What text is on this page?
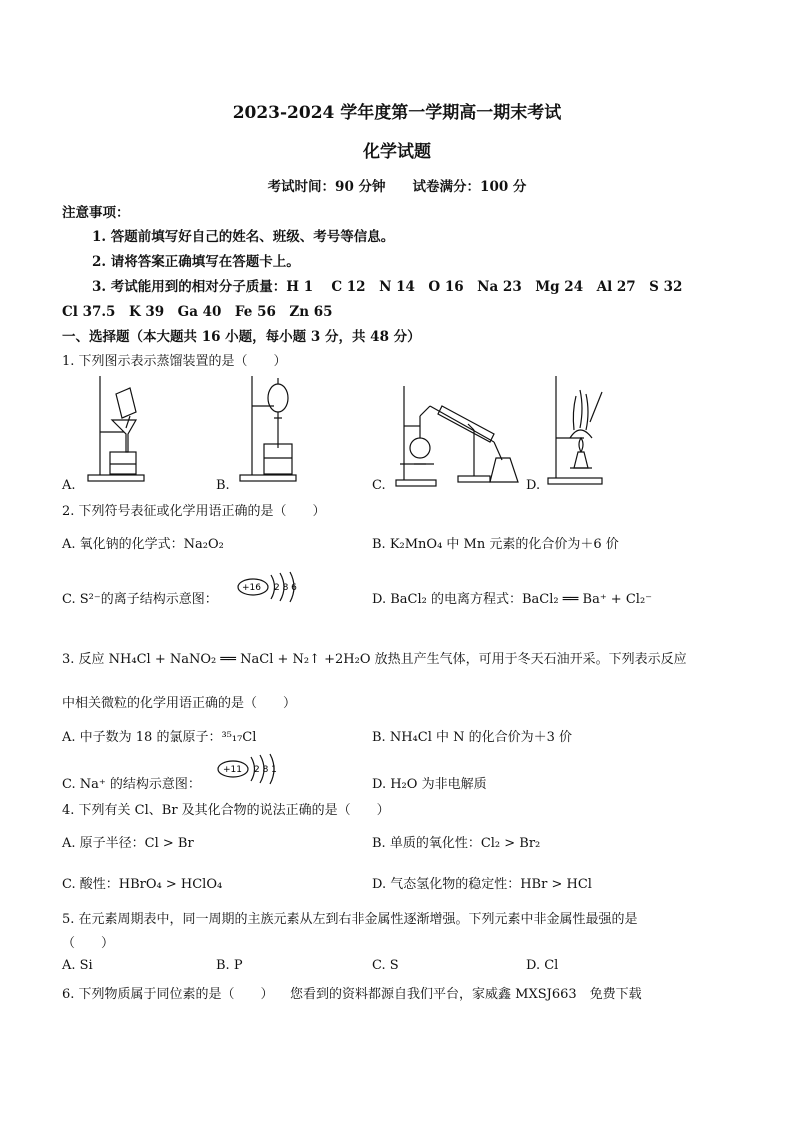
2023-2024 学年度第一学期高一期末考试
化学试题
考试时间：90 分钟　　试卷满分：100 分
注意事项：
1. 答题前填写好自己的姓名、班级、考号等信息。
2. 请将答案正确填写在答题卡上。
3. 考试能用到的相对分子质量：H 1　 C 12　N 14　O 16　Na 23　Mg 24　Al 27　S 32
Cl 37.5　K 39　Ga 40　Fe 56　Zn 65
一、选择题（本大题共 16 小题，每小题 3 分，共 48 分）
1. 下列图示表示蒸馏装置的是（　　）
A.	B.	C.	D.
2. 下列符号表征或化学用语正确的是（　　）
A. 氧化钠的化学式：Na₂O₂	B. K₂MnO₄ 中 Mn 元素的化合价为＋6 价
C. S²⁻的离子结构示意图：
+16 2 8 6
D. BaCl₂ 的电离方程式：BaCl₂ ══ Ba⁺ + Cl₂⁻
3. 反应 NH₄Cl + NaNO₂ ══ NaCl + N₂↑ +2H₂O 放热且产生气体，可用于冬天石油开采。下列表示反应
中相关微粒的化学用语正确的是（　　）
A. 中子数为 18 的氯原子：³⁵₁₇Cl	B. NH₄Cl 中 N 的化合价为＋3 价
C. Na⁺ 的结构示意图：
+11 2 8 1
D. H₂O 为非电解质
4. 下列有关 Cl、Br 及其化合物的说法正确的是（　　）
A. 原子半径：Cl > Br	B. 单质的氧化性：Cl₂ > Br₂
C. 酸性：HBrO₄ > HClO₄	D. 气态氢化物的稳定性：HBr > HCl
5. 在元素周期表中，同一周期的主族元素从左到右非金属性逐渐增强。下列元素中非金属性最强的是
（　　）
A. Si	B. P	C. S	D. Cl
6. 下列物质属于同位素的是（　　） 您看到的资料都源自我们平台，家威鑫 MXSJ663　免费下载
